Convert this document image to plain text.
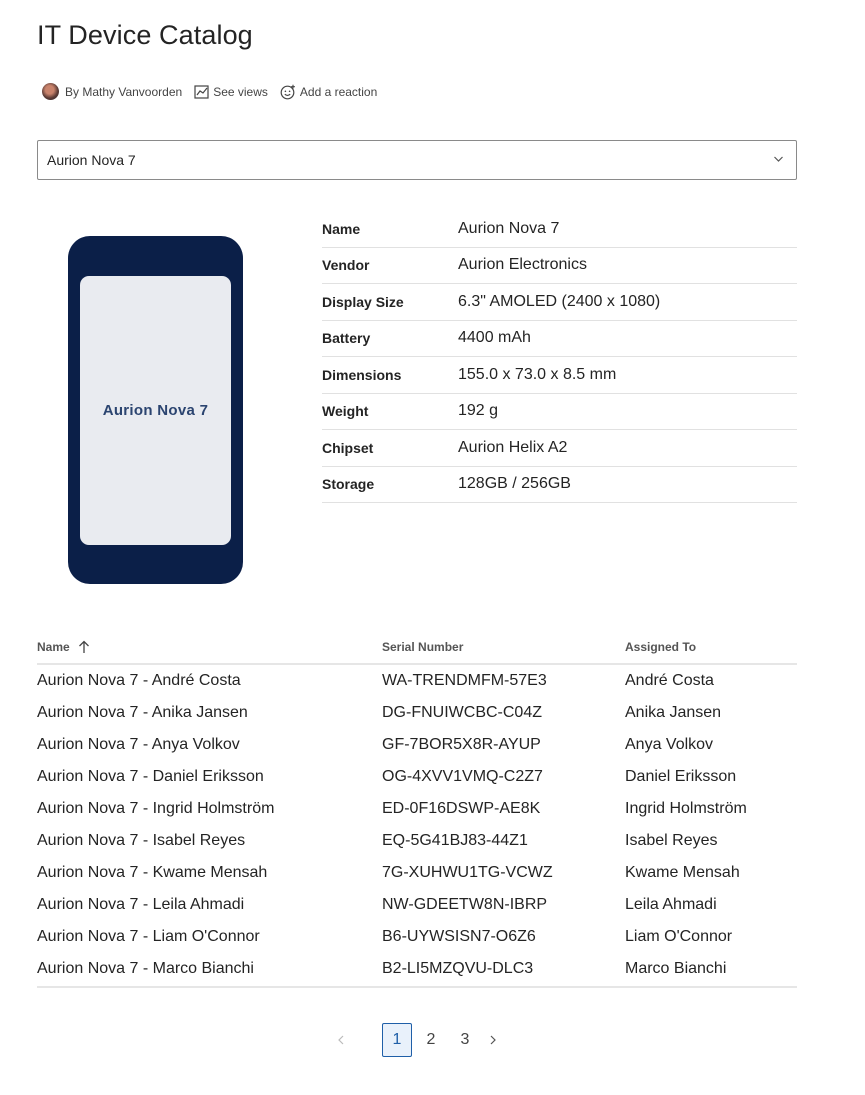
IT Device Catalog
By Mathy Vanvoorden	See views	Add a reaction
Aurion Nova 7
Aurion Nova 7
Name	Aurion Nova 7
Vendor	Aurion Electronics
Display Size	6.3" AMOLED (2400 x 1080)
Battery	4400 mAh
Dimensions	155.0 x 73.0 x 8.5 mm
Weight	192 g
Chipset	Aurion Helix A2
Storage	128GB / 256GB
Name	Serial Number	Assigned To
Aurion Nova 7 - André Costa	WA-TRENDMFM-57E3	André Costa
Aurion Nova 7 - Anika Jansen	DG-FNUIWCBC-C04Z	Anika Jansen
Aurion Nova 7 - Anya Volkov	GF-7BOR5X8R-AYUP	Anya Volkov
Aurion Nova 7 - Daniel Eriksson	OG-4XVV1VMQ-C2Z7	Daniel Eriksson
Aurion Nova 7 - Ingrid Holmström	ED-0F16DSWP-AE8K	Ingrid Holmström
Aurion Nova 7 - Isabel Reyes	EQ-5G41BJ83-44Z1	Isabel Reyes
Aurion Nova 7 - Kwame Mensah	7G-XUHWU1TG-VCWZ	Kwame Mensah
Aurion Nova 7 - Leila Ahmadi	NW-GDEETW8N-IBRP	Leila Ahmadi
Aurion Nova 7 - Liam O'Connor	B6-UYWSISN7-O6Z6	Liam O'Connor
Aurion Nova 7 - Marco Bianchi	B2-LI5MZQVU-DLC3	Marco Bianchi
1	2	3
